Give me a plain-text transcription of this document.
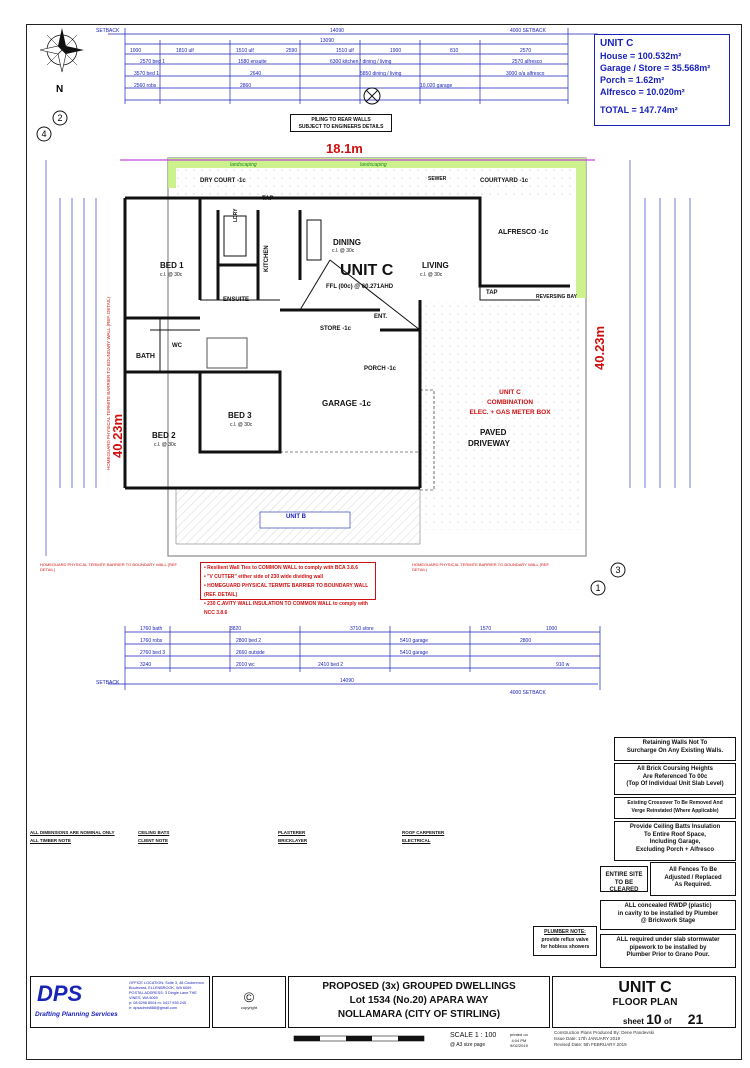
N
SETBACK	4000 SETBACK
14090
13090
1000	1810 ulf	1510 ulf	2590	1510 ulf	1900	810	2570
2570 bed 1	1580 ensuite	6300 kitchen / dining / living	2570 alfresco
3570 bed 1	2640	5850 dining / living	3000 o/a alfresco
2560 robs	2860	10,020 garage
1760 bath
1760 robs
2760 bed 3
3240
3820	3710 store
2800 bed 2
2660 outside
2010 wc	2410 bed 2
5410 garage
5410 garage
1570	1000
910 w
2800
14090
SETBACK
4000 SETBACK
18.1m
40.23m
40.23m
4
2
1
3
DRY COURT -1c	COURTYARD -1c
LDRY
KITCHEN
DINING
UNIT C
FFL (00c) @ 60.271AHD
LIVING
ALFRESCO -1c
BED 1
ENSUITE
BATH
WC
STORE -1c
ENT.
PORCH -1c
GARAGE -1c
BED 3
BED 2	PAVED
DRIVEWAY
TAP
TAP
SEWER
REVERSING BAY
UNIT B
landscaping
landscaping
c.l. @ 30c
c.l. @ 30c
c.l. @ 30c
c.l. @ 30c
c.l. @ 30c
UNIT C
COMBINATION
ELEC. + GAS METER BOX
HOMEGUARD PHYSICAL TERMITE BARRIER TO BOUNDARY WALL (REF. DETAIL)
UNIT C
House = 100.532m²
Garage / Store = 35.568m²
Porch = 1.62m²
Alfresco = 10.020m²
TOTAL = 147.74m²
PILING TO REAR WALLS
SUBJECT TO ENGINEERS DETAILS
• Resilient Wall Ties to COMMON WALL to comply with BCA 3.8.6
• "V CUTTER" either side of 230 wide dividing wall
• HOMEGUARD PHYSICAL TERMITE BARRIER TO BOUNDARY WALL (REF. DETAIL)
• 230 C.AVITY WALL INSULATION TO COMMON WALL to comply with NCC 3.8.6
HOMEGUARD PHYSICAL TERMITE BARRIER TO BOUNDARY WALL (REF. DETAIL)
HOMEGUARD PHYSICAL TERMITE BARRIER TO BOUNDARY WALL (REF. DETAIL)
Retaining Walls Not To
Surcharge On Any Existing Walls.
All Brick Coursing Heights
Are Referenced To 00c
(Top Of Individual Unit Slab Level)
Existing Crossover To Be Removed And
Verge Reinstated (Where Applicable)
Provide Ceiling Batts Insulation
To Entire Roof Space,
Including Garage,
Excluding Porch + Alfresco
ENTIRE SITE
TO BE CLEARED
All Fences To Be
Adjusted / Replaced
As Required.
ALL concealed RWDP (plastic)
in cavity to be installed by Plumber
@ Brickwork Stage
ALL required under slab stormwater
pipework to be installed by
Plumber Prior to Grano Pour.
PLUMBER NOTE:
provide reflux valve
for hobless showers
ALL DIMENSIONS ARE NOMINAL ONLY
ALL TIMBER NOTE
CEILING BATS
CLIENT NOTE
PLASTERER
BRICKLAYER
ROOF CARPENTER
ELECTRICAL
DPS
Drafting Planning Services
OFFICE LOCATION: Suite 3, 48 Cookmmon Boulevard, ELLENBROOK, WA 6069
POSTAL ADDRESS: 3 Dingle Lane THE VINES, WA 6069
p: 08 6296 8004 m: 0417 939 245
e: dpsadmin888@gmail.com
©
copyright
PROPOSED (3x) GROUPED DWELLINGS
Lot 1534 (No.20) APARA WAY
NOLLAMARA (CITY OF STIRLING)
UNIT C
FLOOR PLAN
sheet 10 of 21
SCALE 1 : 100
@ A3 size page
printed on
4:04 PM
9/02/2019
Construction Plans Produced By: Dene Pandevski
Issue Date: 17th JANUARY 2019
Revised Date: 5th FEBRUARY 2019
